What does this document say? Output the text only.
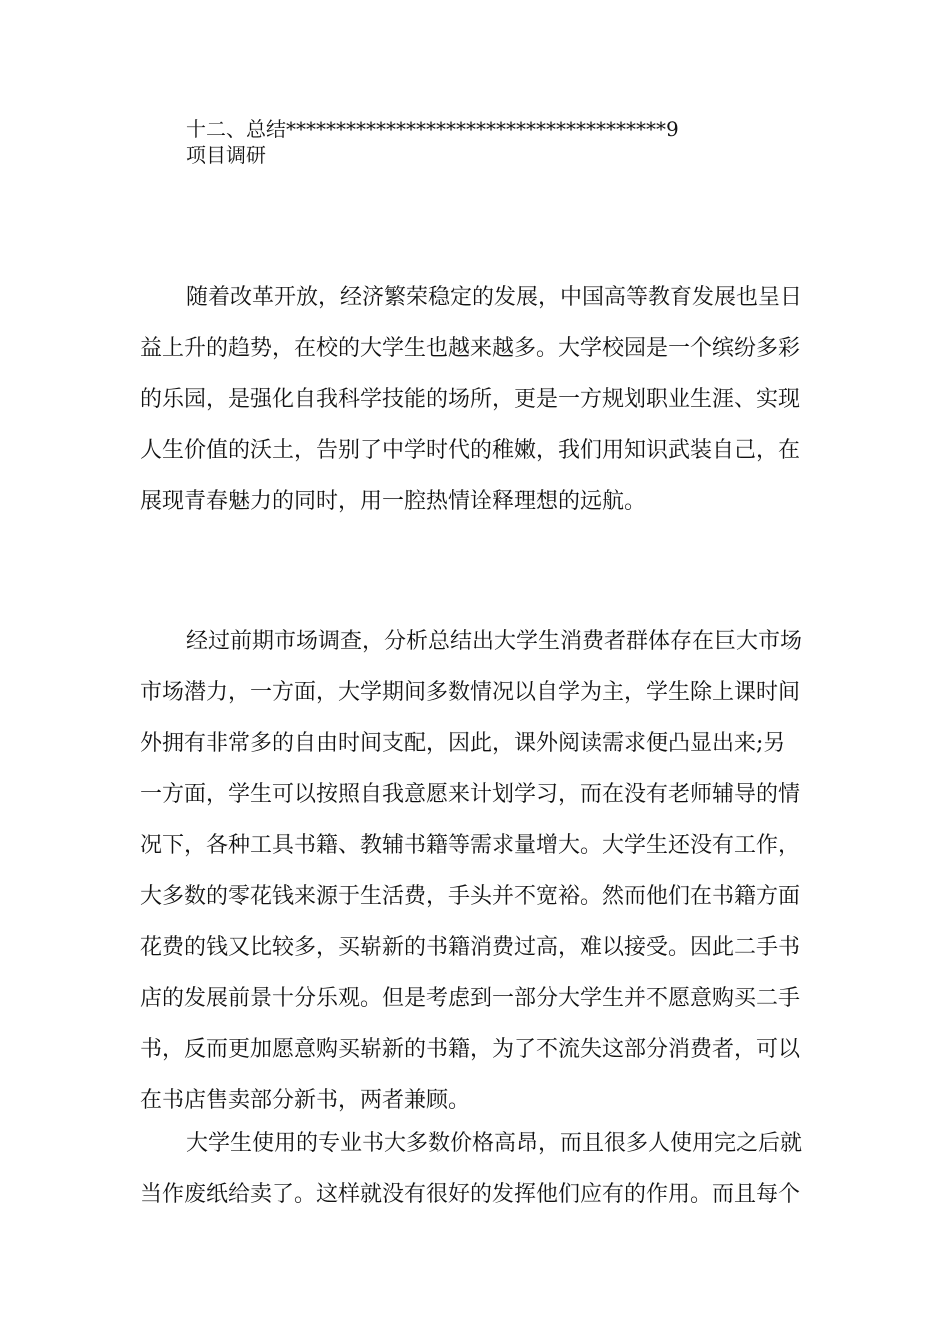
十二、总结**************************************9
项目调研
随着改革开放，经济繁荣稳定的发展，中国高等教育发展也呈日
益上升的趋势，在校的大学生也越来越多。大学校园是一个缤纷多彩
的乐园，是强化自我科学技能的场所，更是一方规划职业生涯、实现
人生价值的沃土，告别了中学时代的稚嫩，我们用知识武装自己，在
展现青春魅力的同时，用一腔热情诠释理想的远航。
经过前期市场调查，分析总结出大学生消费者群体存在巨大市场
市场潜力，一方面，大学期间多数情况以自学为主，学生除上课时间
外拥有非常多的自由时间支配，因此，课外阅读需求便凸显出来;另
一方面，学生可以按照自我意愿来计划学习，而在没有老师辅导的情
况下，各种工具书籍、教辅书籍等需求量增大。大学生还没有工作，
大多数的零花钱来源于生活费，手头并不宽裕。然而他们在书籍方面
花费的钱又比较多，买崭新的书籍消费过高，难以接受。因此二手书
店的发展前景十分乐观。但是考虑到一部分大学生并不愿意购买二手
书，反而更加愿意购买崭新的书籍，为了不流失这部分消费者，可以
在书店售卖部分新书，两者兼顾。
大学生使用的专业书大多数价格高昂，而且很多人使用完之后就
当作废纸给卖了。这样就没有很好的发挥他们应有的作用。而且每个
